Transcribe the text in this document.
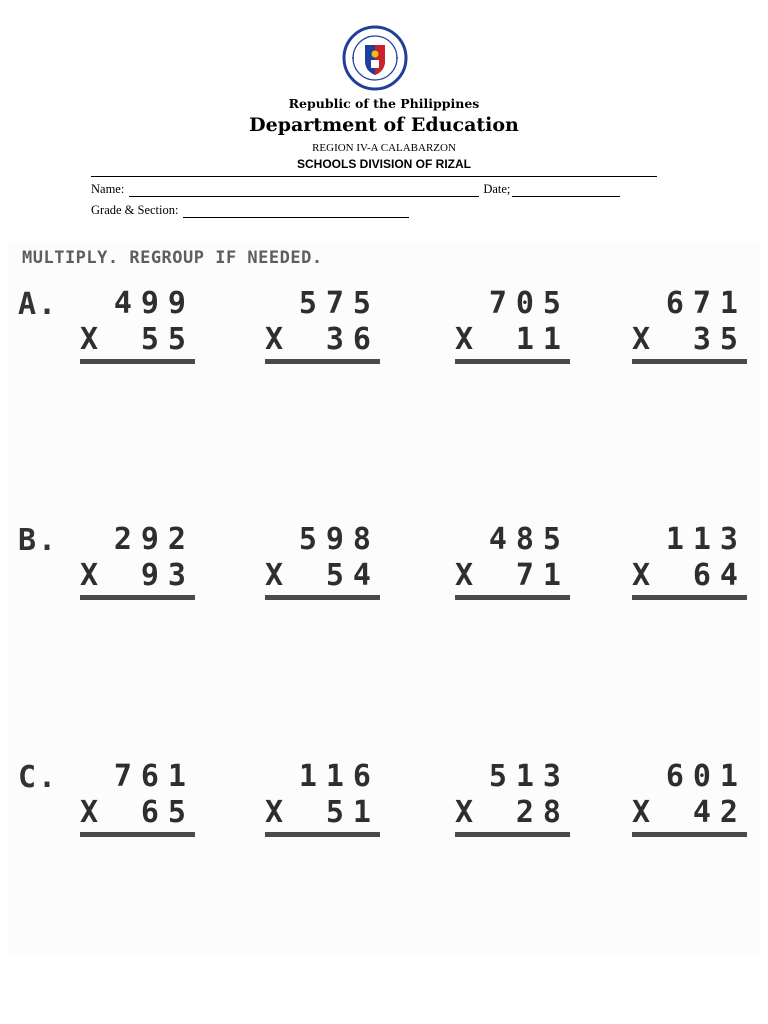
Republic of the Philippines
Department of Education
REGION IV-A CALABARZON
SCHOOLS DIVISION OF RIZAL
Name:	Date;
Grade & Section:
MULTIPLY. REGROUP IF NEEDED.
A. 499
X 55
575
X 36
705
X 11
671
X 35
B. 292
X 93
598
X 54
485
X 71
113
X 64
C. 761
X 65
116
X 51
513
X 28
601
X 42
